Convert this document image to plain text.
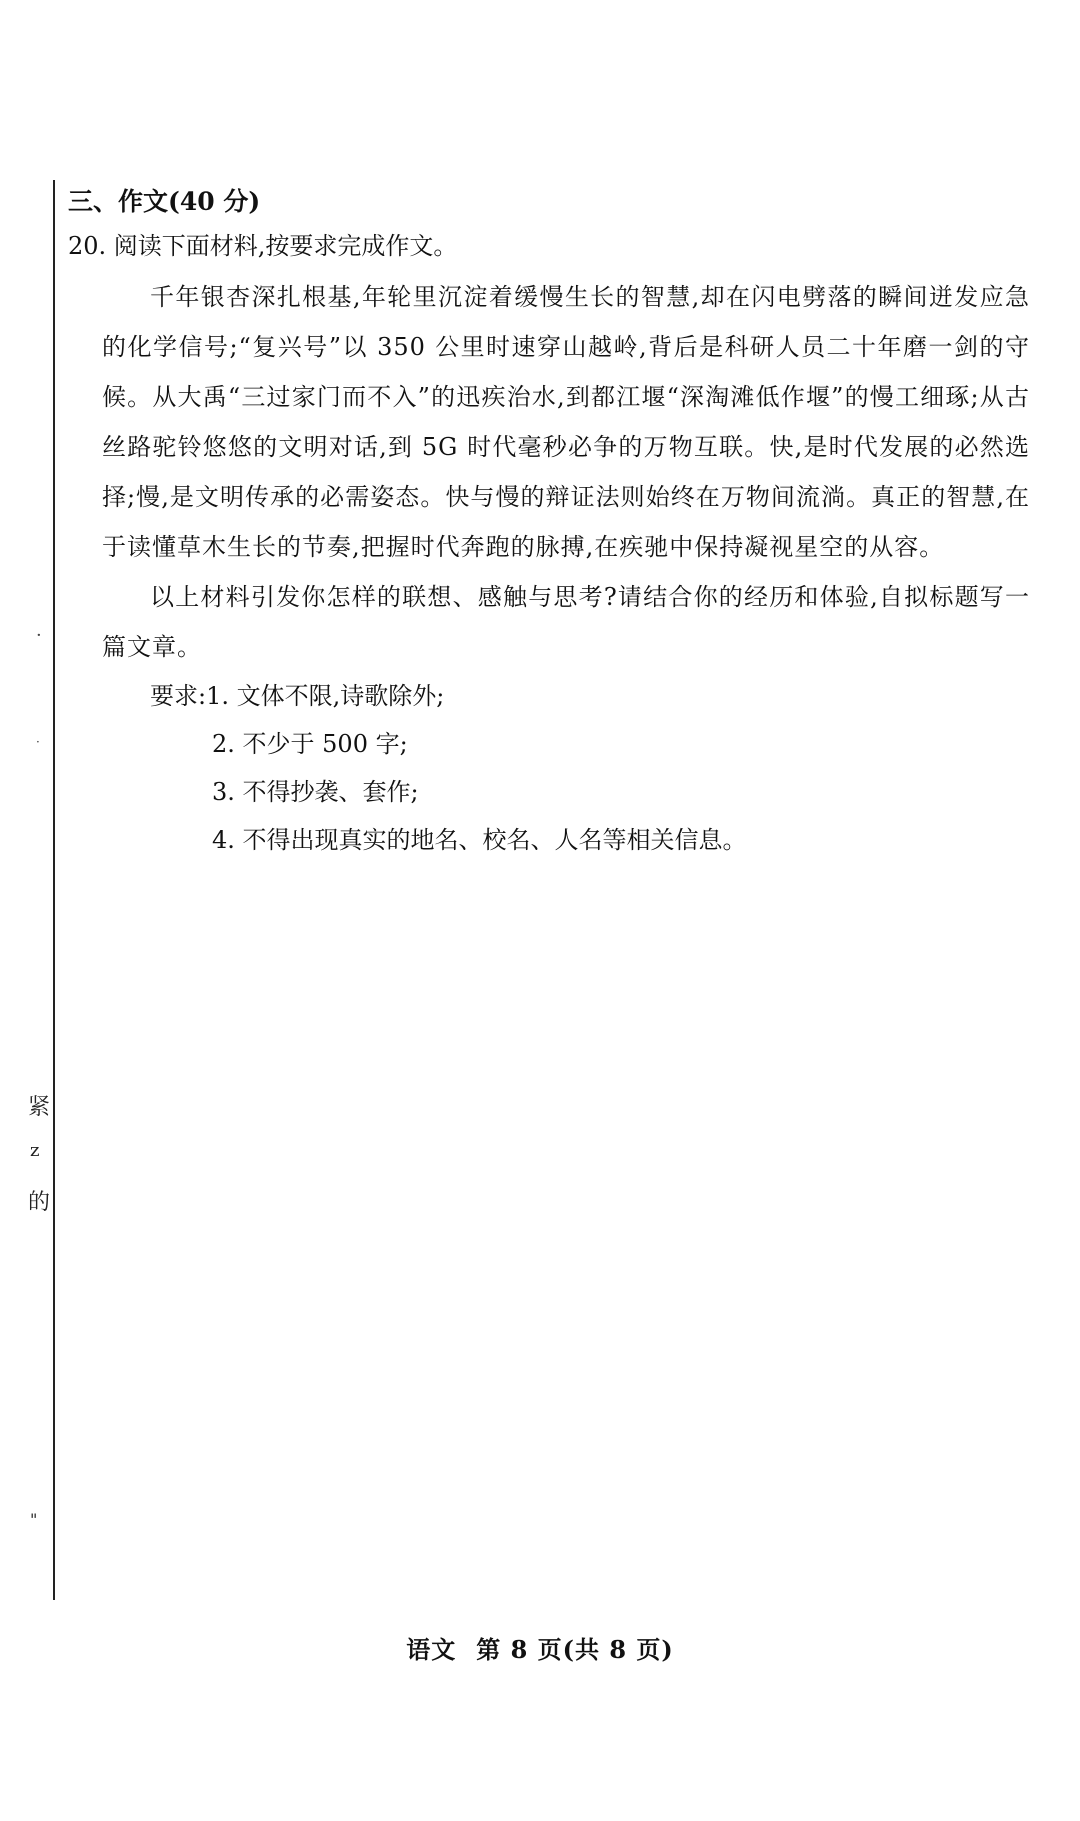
·
·
紧
z
的
"

三、作文(40 分)

20. 阅读下面材料,按要求完成作文。

千年银杏深扎根基,年轮里沉淀着缓慢生长的智慧,却在闪电劈落的瞬间迸发应急的化学信号;“复兴号”以 350 公里时速穿山越岭,背后是科研人员二十年磨一剑的守候。从大禹“三过家门而不入”的迅疾治水,到都江堰“深淘滩低作堰”的慢工细琢;从古丝路驼铃悠悠的文明对话,到 5G 时代毫秒必争的万物互联。快,是时代发展的必然选择;慢,是文明传承的必需姿态。快与慢的辩证法则始终在万物间流淌。真正的智慧,在于读懂草木生长的节奏,把握时代奔跑的脉搏,在疾驰中保持凝视星空的从容。

以上材料引发你怎样的联想、感触与思考?请结合你的经历和体验,自拟标题写一篇文章。

要求:1. 文体不限,诗歌除外;

2. 不少于 500 字;

3. 不得抄袭、套作;

4. 不得出现真实的地名、校名、人名等相关信息。

语文 第 8 页(共 8 页)
